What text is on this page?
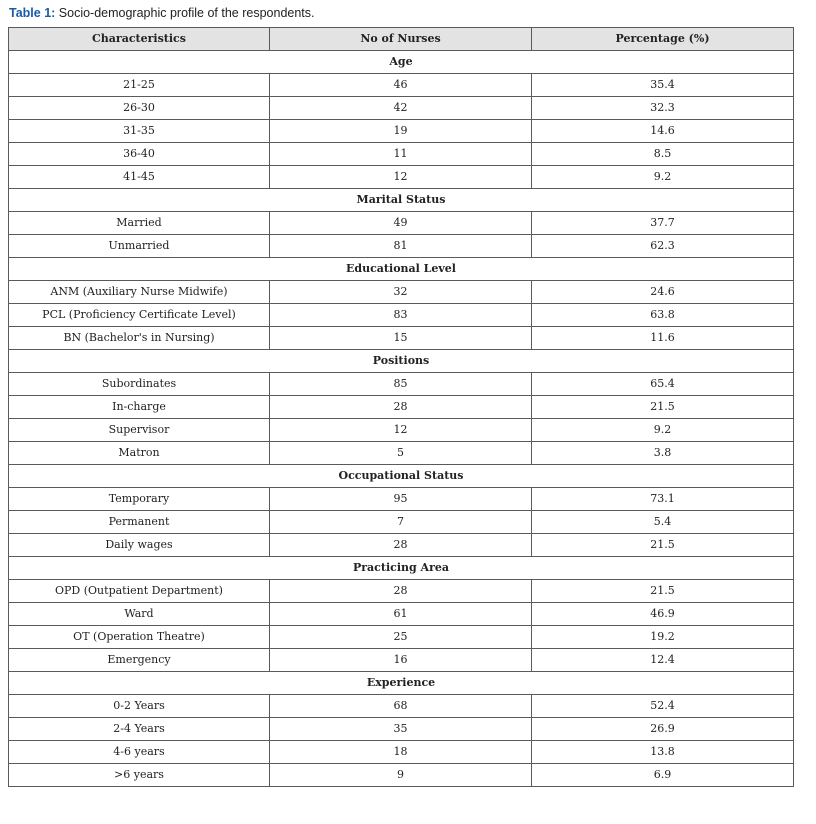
Table 1: Socio-demographic profile of the respondents.
Characteristics	No of Nurses	Percentage (%)
Age		
21-25	46	35.4
26-30	42	32.3
31-35	19	14.6
36-40	11	8.5
41-45	12	9.2
Marital Status		
Married	49	37.7
Unmarried	81	62.3
Educational Level		
ANM (Auxiliary Nurse Midwife)	32	24.6
PCL (Proficiency Certificate Level)	83	63.8
BN (Bachelor's in Nursing)	15	11.6
Positions		
Subordinates	85	65.4
In-charge	28	21.5
Supervisor	12	9.2
Matron	5	3.8
Occupational Status		
Temporary	95	73.1
Permanent	7	5.4
Daily wages	28	21.5
Practicing Area		
OPD (Outpatient Department)	28	21.5
Ward	61	46.9
OT (Operation Theatre)	25	19.2
Emergency	16	12.4
Experience		
0-2 Years	68	52.4
2-4 Years	35	26.9
4-6 years	18	13.8
>6 years	9	6.9
